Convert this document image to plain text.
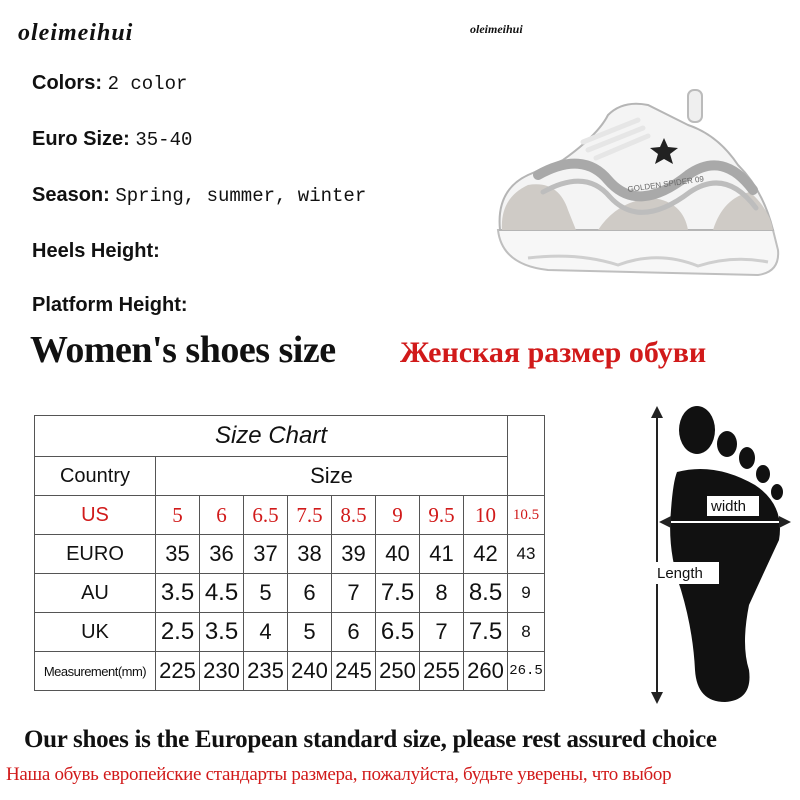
oleimeihui	oleimeihui
Colors: 2 color
Euro Size: 35-40
Season: Spring, summer, winter
Heels Height:
Platform Height:
GOLDEN SPIDER 09
Women's shoes size Женская размер обуви
Size Chart									
Country	Size								
US	5	6	6.5	7.5	8.5	9	9.5	10	10.5
EURO	35	36	37	38	39	40	41	42	43
AU	3.5	4.5	5	6	7	7.5	8	8.5	9
UK	2.5	3.5	4	5	6	6.5	7	7.5	8
Measurement(mm)	225	230	235	240	245	250	255	260	26.5
width
Length
Our shoes is the European standard size, please rest assured choice
Наша обувь европейские стандарты размера, пожалуйста, будьте уверены, что выбор
